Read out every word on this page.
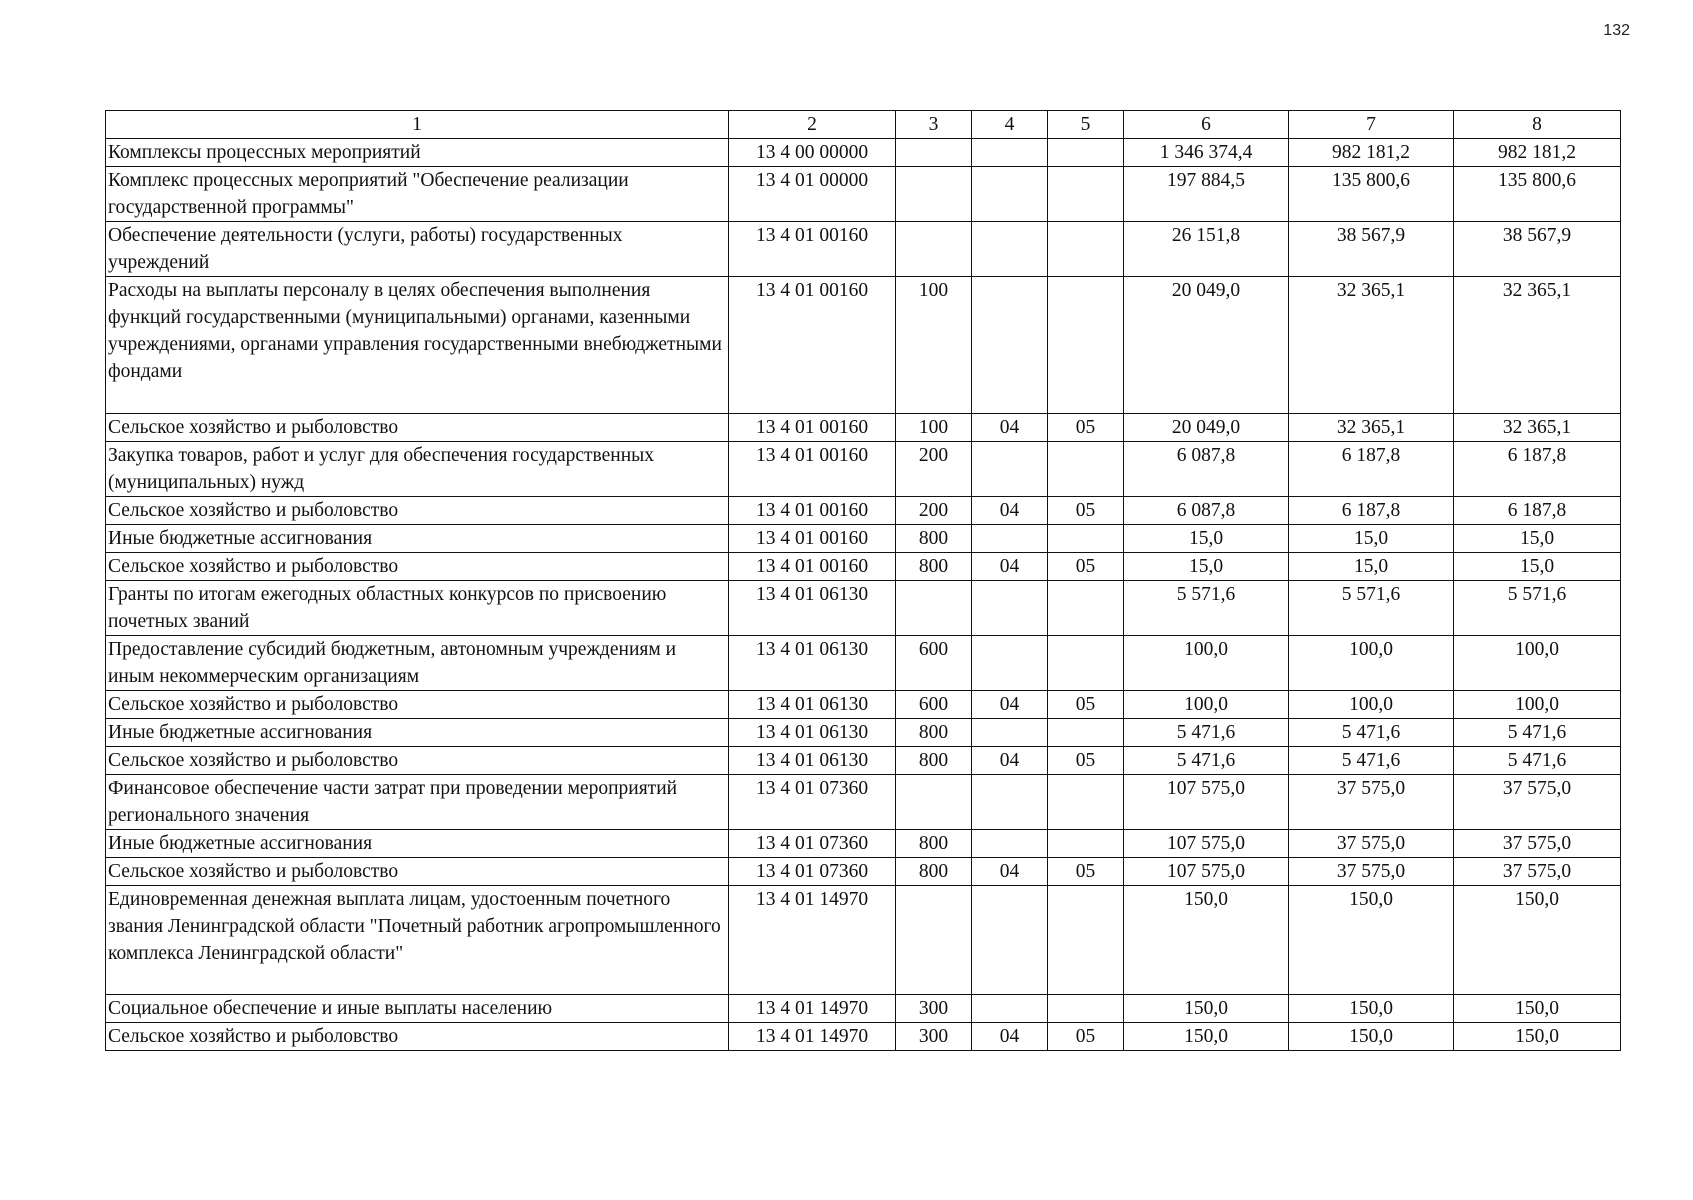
132
1	2	3	4	5	6	7	8
Комплексы процессных мероприятий	13 4 00 00000				1 346 374,4	982 181,2	982 181,2
Комплекс процессных мероприятий "Обеспечение реализации государственной программы"	13 4 01 00000				197 884,5	135 800,6	135 800,6
Обеспечение деятельности (услуги, работы) государственных учреждений	13 4 01 00160				26 151,8	38 567,9	38 567,9
Расходы на выплаты персоналу в целях обеспечения выполнения функций государственными (муниципальными) органами, казенными учреждениями, органами управления государственными внебюджетными фондами	13 4 01 00160	100			20 049,0	32 365,1	32 365,1
Сельское хозяйство и рыболовство	13 4 01 00160	100	04	05	20 049,0	32 365,1	32 365,1
Закупка товаров, работ и услуг для обеспечения государственных (муниципальных) нужд	13 4 01 00160	200			6 087,8	6 187,8	6 187,8
Сельское хозяйство и рыболовство	13 4 01 00160	200	04	05	6 087,8	6 187,8	6 187,8
Иные бюджетные ассигнования	13 4 01 00160	800			15,0	15,0	15,0
Сельское хозяйство и рыболовство	13 4 01 00160	800	04	05	15,0	15,0	15,0
Гранты по итогам ежегодных областных конкурсов по присвоению почетных званий	13 4 01 06130				5 571,6	5 571,6	5 571,6
Предоставление субсидий бюджетным, автономным учреждениям и иным некоммерческим организациям	13 4 01 06130	600			100,0	100,0	100,0
Сельское хозяйство и рыболовство	13 4 01 06130	600	04	05	100,0	100,0	100,0
Иные бюджетные ассигнования	13 4 01 06130	800			5 471,6	5 471,6	5 471,6
Сельское хозяйство и рыболовство	13 4 01 06130	800	04	05	5 471,6	5 471,6	5 471,6
Финансовое обеспечение части затрат при проведении мероприятий регионального значения	13 4 01 07360				107 575,0	37 575,0	37 575,0
Иные бюджетные ассигнования	13 4 01 07360	800			107 575,0	37 575,0	37 575,0
Сельское хозяйство и рыболовство	13 4 01 07360	800	04	05	107 575,0	37 575,0	37 575,0
Единовременная денежная выплата лицам, удостоенным почетного звания Ленинградской области "Почетный работник агропромышленного комплекса Ленинградской области"	13 4 01 14970				150,0	150,0	150,0
Социальное обеспечение и иные выплаты населению	13 4 01 14970	300			150,0	150,0	150,0
Сельское хозяйство и рыболовство	13 4 01 14970	300	04	05	150,0	150,0	150,0
